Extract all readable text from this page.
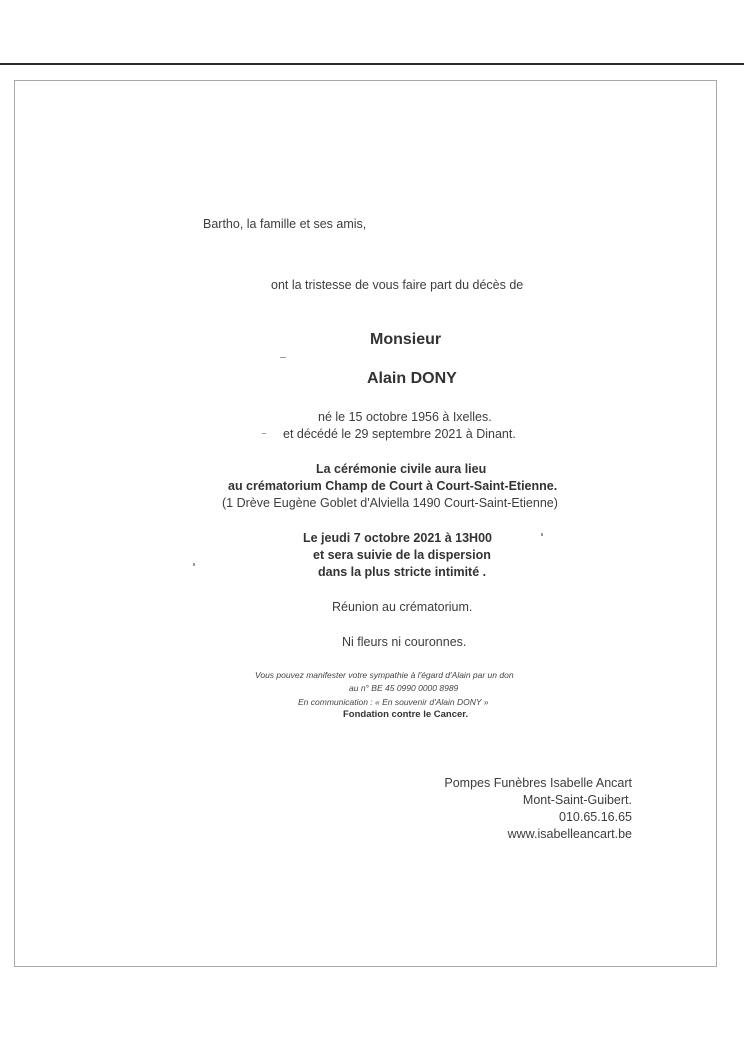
Bartho, la famille et ses amis,
ont la tristesse de vous faire part du décès de
Monsieur
Alain DONY
né le 15 octobre 1956 à Ixelles.
et décédé le 29 septembre 2021 à Dinant.
La cérémonie civile aura lieu
au crématorium Champ de Court à Court-Saint-Etienne.
(1 Drève Eugène Goblet d'Alviella 1490 Court-Saint-Etienne)
Le jeudi 7 octobre 2021 à 13H00
et sera suivie de la dispersion
dans la plus stricte intimité .
Réunion au crématorium.
Ni fleurs ni couronnes.
Vous pouvez manifester votre sympathie à l'égard d'Alain par un don
au n° BE 45 0990 0000 8989
En communication : « En souvenir d'Alain DONY »
Fondation contre le Cancer.
Pompes Funèbres Isabelle Ancart
Mont-Saint-Guibert.
010.65.16.65
www.isabelleancart.be
